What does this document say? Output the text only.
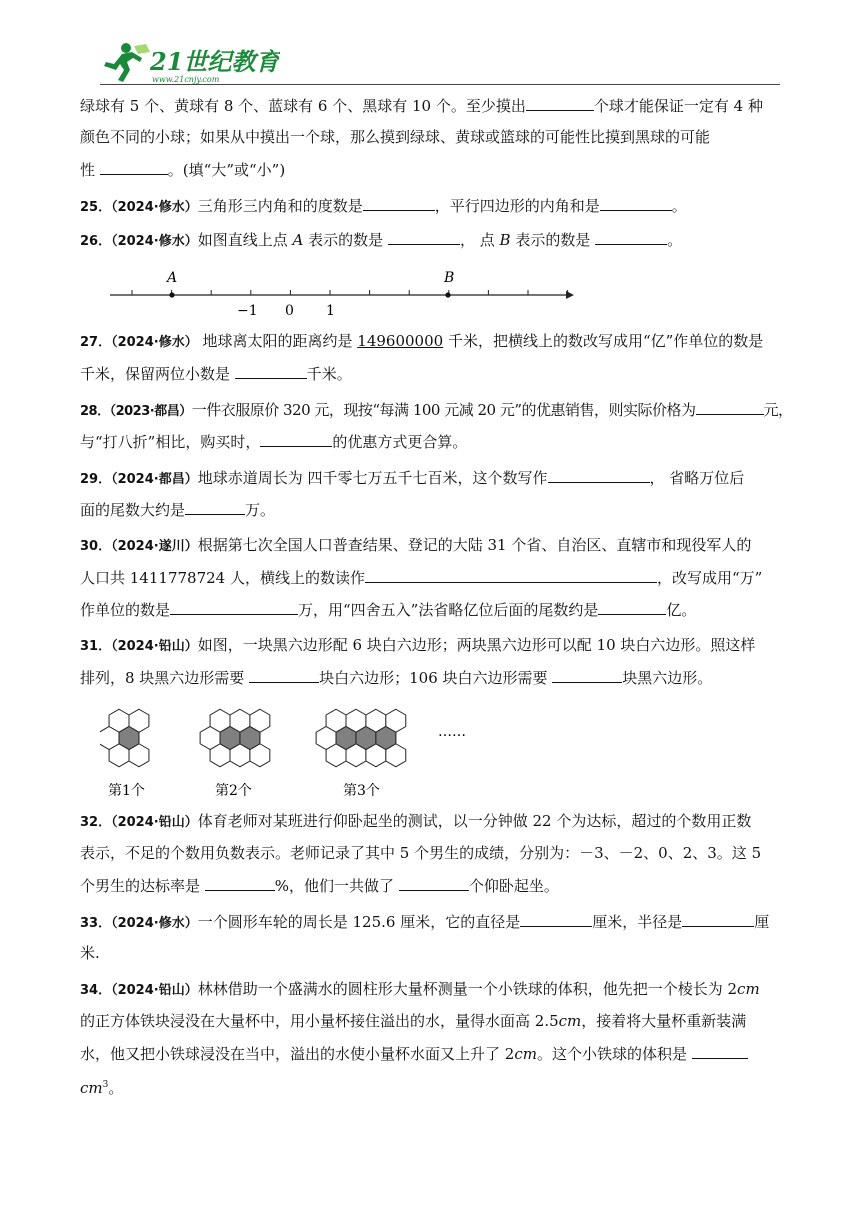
21世纪教育
www.21cnjy.com
绿球有 5 个、黄球有 8 个、蓝球有 6 个、黑球有 10 个。至少摸出	个球才能保证一定有 4 种
颜色不同的小球；如果从中摸出一个球，那么摸到绿球、黄球或篮球的可能性比摸到黑球的可能
性	。(填“大”或“小”)
25．（2024·修水）三角形三内角和的度数是	，平行四边形的内角和是	。
26．（2024·修水）如图直线上点 A 表示的数是	， 点 B 表示的数是	。
A	B
−1 0 1
27．（2024·修水） 地球离太阳的距离约是 149600000 千米，把横线上的数改写成用“亿”作单位的数是
千米，保留两位小数是	千米。
28．（2023·都昌）一件衣服原价 320 元，现按“每满 100 元减 20 元”的优惠销售，则实际价格为	元，
与“打八折”相比，购买时，	的优惠方式更合算。
29．（2024·都昌）地球赤道周长为 四千零七万五千七百米，这个数写作	， 省略万位后
面的尾数大约是	万。
30．（2024·遂川）根据第七次全国人口普查结果、登记的大陆 31 个省、自治区、直辖市和现役军人的
人口共 1411778724 人，横线上的数读作	，改写成用“万”
作单位的数是	万，用“四舍五入”法省略亿位后面的尾数约是	亿。
31．（2024·铅山）如图，一块黑六边形配 6 块白六边形；两块黑六边形可以配 10 块白六边形。照这样
排列，8 块黑六边形需要	块白六边形；106 块白六边形需要	块黑六边形。
……
第1个	第2个	第3个
32．（2024·铅山）体育老师对某班进行仰卧起坐的测试，以一分钟做 22 个为达标，超过的个数用正数
表示，不足的个数用负数表示。老师记录了其中 5 个男生的成绩，分别为：－3、－2、0、2、3。这 5
个男生的达标率是	%，他们一共做了	个仰卧起坐。
33．（2024·修水）一个圆形车轮的周长是 125.6 厘米，它的直径是	厘米，半径是	厘
米.
34．（2024·铅山）林林借助一个盛满水的圆柱形大量杯测量一个小铁球的体积，他先把一个棱长为 2cm
的正方体铁块浸没在大量杯中，用小量杯接住溢出的水，量得水面高 2.5cm，接着将大量杯重新装满
水，他又把小铁球浸没在当中，溢出的水使小量杯水面又上升了 2cm。这个小铁球的体积是
$cm^3$。
